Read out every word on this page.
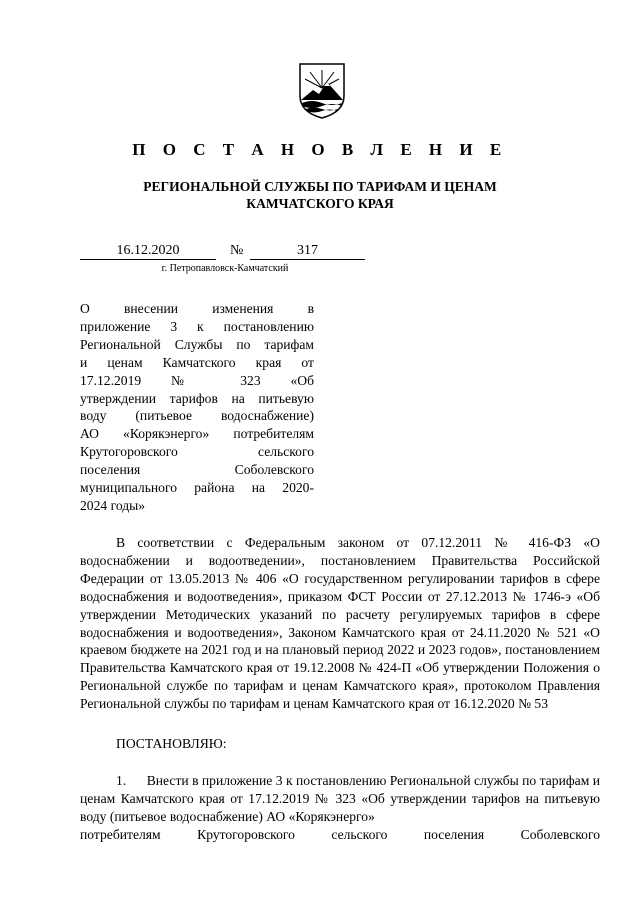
П О С Т А Н О В Л Е Н И Е
РЕГИОНАЛЬНОЙ СЛУЖБЫ ПО ТАРИФАМ И ЦЕНАМ
КАМЧАТСКОГО КРАЯ
16.12.2020	№	317
г. Петропавловск-Камчатский
О внесении изменения в
приложение 3 к постановлению
Региональной Службы по тарифам
и ценам Камчатского края от
17.12.2019 № 323 «Об
утверждении тарифов на питьевую
воду (питьевое водоснабжение)
АО «Корякэнерго» потребителям
Крутогоровского сельского
поселения Соболевского
муниципального района на 2020-
2024 годы»
В соответствии с Федеральным законом от 07.12.2011 № 416-ФЗ «О водоснабжении и водоотведении», постановлением Правительства Российской Федерации от 13.05.2013 № 406 «О государственном регулировании тарифов в сфере водоснабжения и водоотведения», приказом ФСТ России от 27.12.2013 № 1746-э «Об утверждении Методических указаний по расчету регулируемых тарифов в сфере водоснабжения и водоотведения», Законом Камчатского края от 24.11.2020 № 521 «О краевом бюджете на 2021 год и на плановый период 2022 и 2023 годов», постановлением Правительства Камчатского края от 19.12.2008 № 424-П «Об утверждении Положения о Региональной службе по тарифам и ценам Камчатского края», протоколом Правления Региональной службы по тарифам и ценам Камчатского края от 16.12.2020 № 53
ПОСТАНОВЛЯЮ:
1.      Внести в приложение 3 к постановлению Региональной службы по тарифам и ценам Камчатского края от 17.12.2019 № 323 «Об утверждении тарифов на питьевую воду (питьевое водоснабжение) АО «Корякэнерго»
потребителям Крутогоровского сельского поселения Соболевского
